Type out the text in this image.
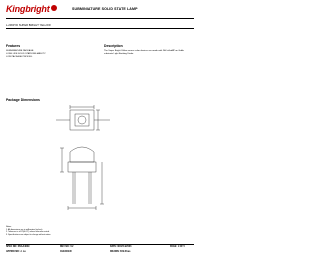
Kingbright	SUBMINIATURE SOLID STATE LAMP
L-2060YD SUPER BRIGHT YELLOW
Features
SUBMINIATURE PACKAGE.
LONG LIFE SOLID STATE RELIABILITY.
LOW PACKAGE PROFILE.
Description
The Super Bright Yellow source color devices are made with DH InGaAlP on GaAs substrate Light Emitting Diode.
Package Dimensions
Notes:
1. All dimensions are in millimeters (inches).
2. Tolerance is ±0.25(0.01") unless otherwise noted.
3. Specifications are subject to change without notice.
SPEC NO: DSAA4639
APPROVED: J. Lu
REV NO: V.2
CHECKED:
DATE: NOV/14/2003
DRAWN: B.M.Zhao
PAGE: 1 OF 5
